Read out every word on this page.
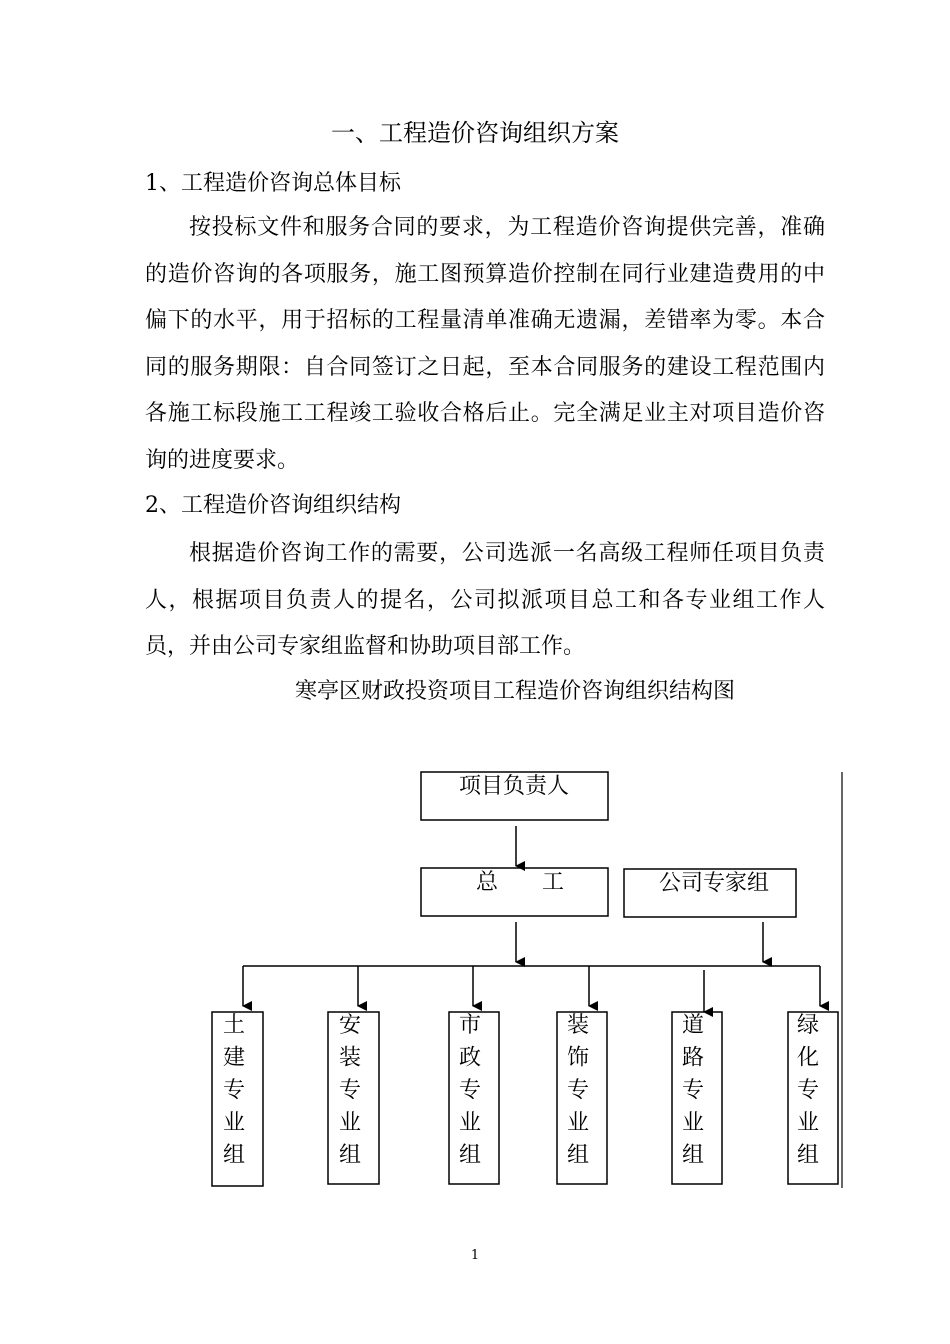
一、工程造价咨询组织方案
1、工程造价咨询总体目标

按投标文件和服务合同的要求，为工程造价咨询提供完善，准确的造价咨询的各项服务，施工图预算造价控制在同行业建造费用的中偏下的水平，用于招标的工程量清单准确无遗漏，差错率为零。本合同的服务期限：自合同签订之日起，至本合同服务的建设工程范围内各施工标段施工工程竣工验收合格后止。完全满足业主对项目造价咨询的进度要求。

2、工程造价咨询组织结构

根据造价咨询工作的需要，公司选派一名高级工程师任项目负责人，根据项目负责人的提名，公司拟派项目总工和各专业组工作人员，并由公司专家组监督和协助项目部工作。

寒亭区财政投资项目工程造价咨询组织结构图

项目负责人
总　　工	公司专家组
土建专业组
安装专业组
市政专业组
装饰专业组
道路专业组
绿化专业组

1
